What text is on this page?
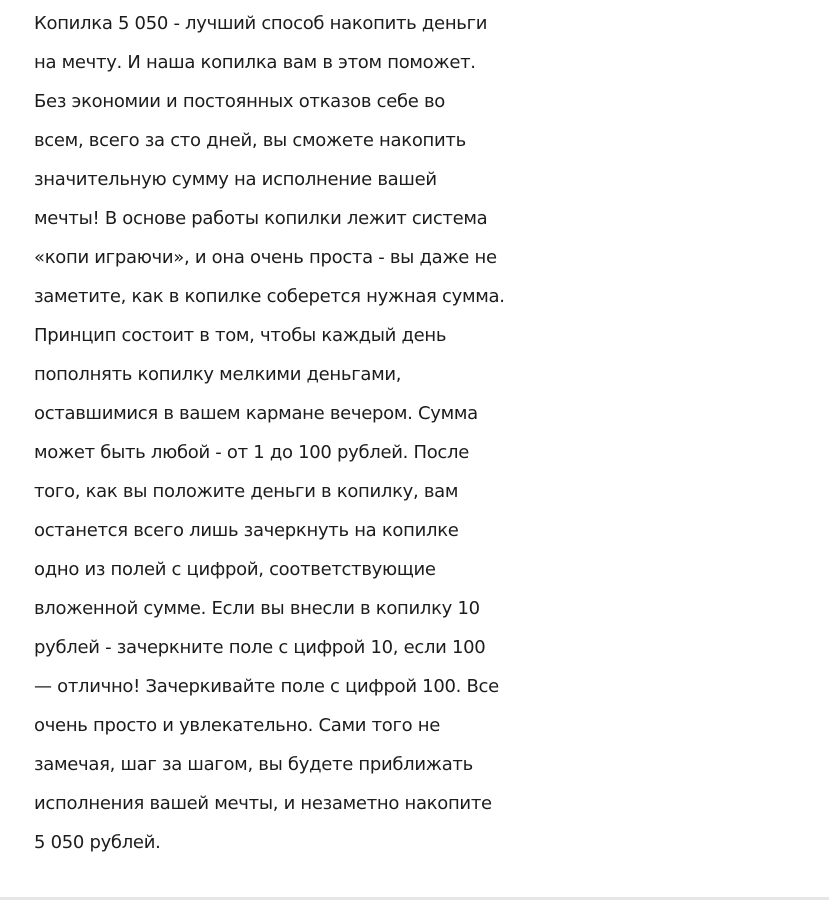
Копилка 5 050 - лучший способ накопить деньги
на мечту. И наша копилка вам в этом поможет.
Без экономии и постоянных отказов себе во
всем, всего за сто дней, вы сможете накопить
значительную сумму на исполнение вашей
мечты! В основе работы копилки лежит система
«копи играючи», и она очень проста - вы даже не
заметите, как в копилке соберется нужная сумма.
Принцип состоит в том, чтобы каждый день
пополнять копилку мелкими деньгами,
оставшимися в вашем кармане вечером. Сумма
может быть любой - от 1 до 100 рублей. После
того, как вы положите деньги в копилку, вам
останется всего лишь зачеркнуть на копилке
одно из полей с цифрой, соответствующие
вложенной сумме. Если вы внесли в копилку 10
рублей - зачеркните поле с цифрой 10, если 100
— отлично! Зачеркивайте поле с цифрой 100. Все
очень просто и увлекательно. Сами того не
замечая, шаг за шагом, вы будете приближать
исполнения вашей мечты, и незаметно накопите
5 050 рублей.
